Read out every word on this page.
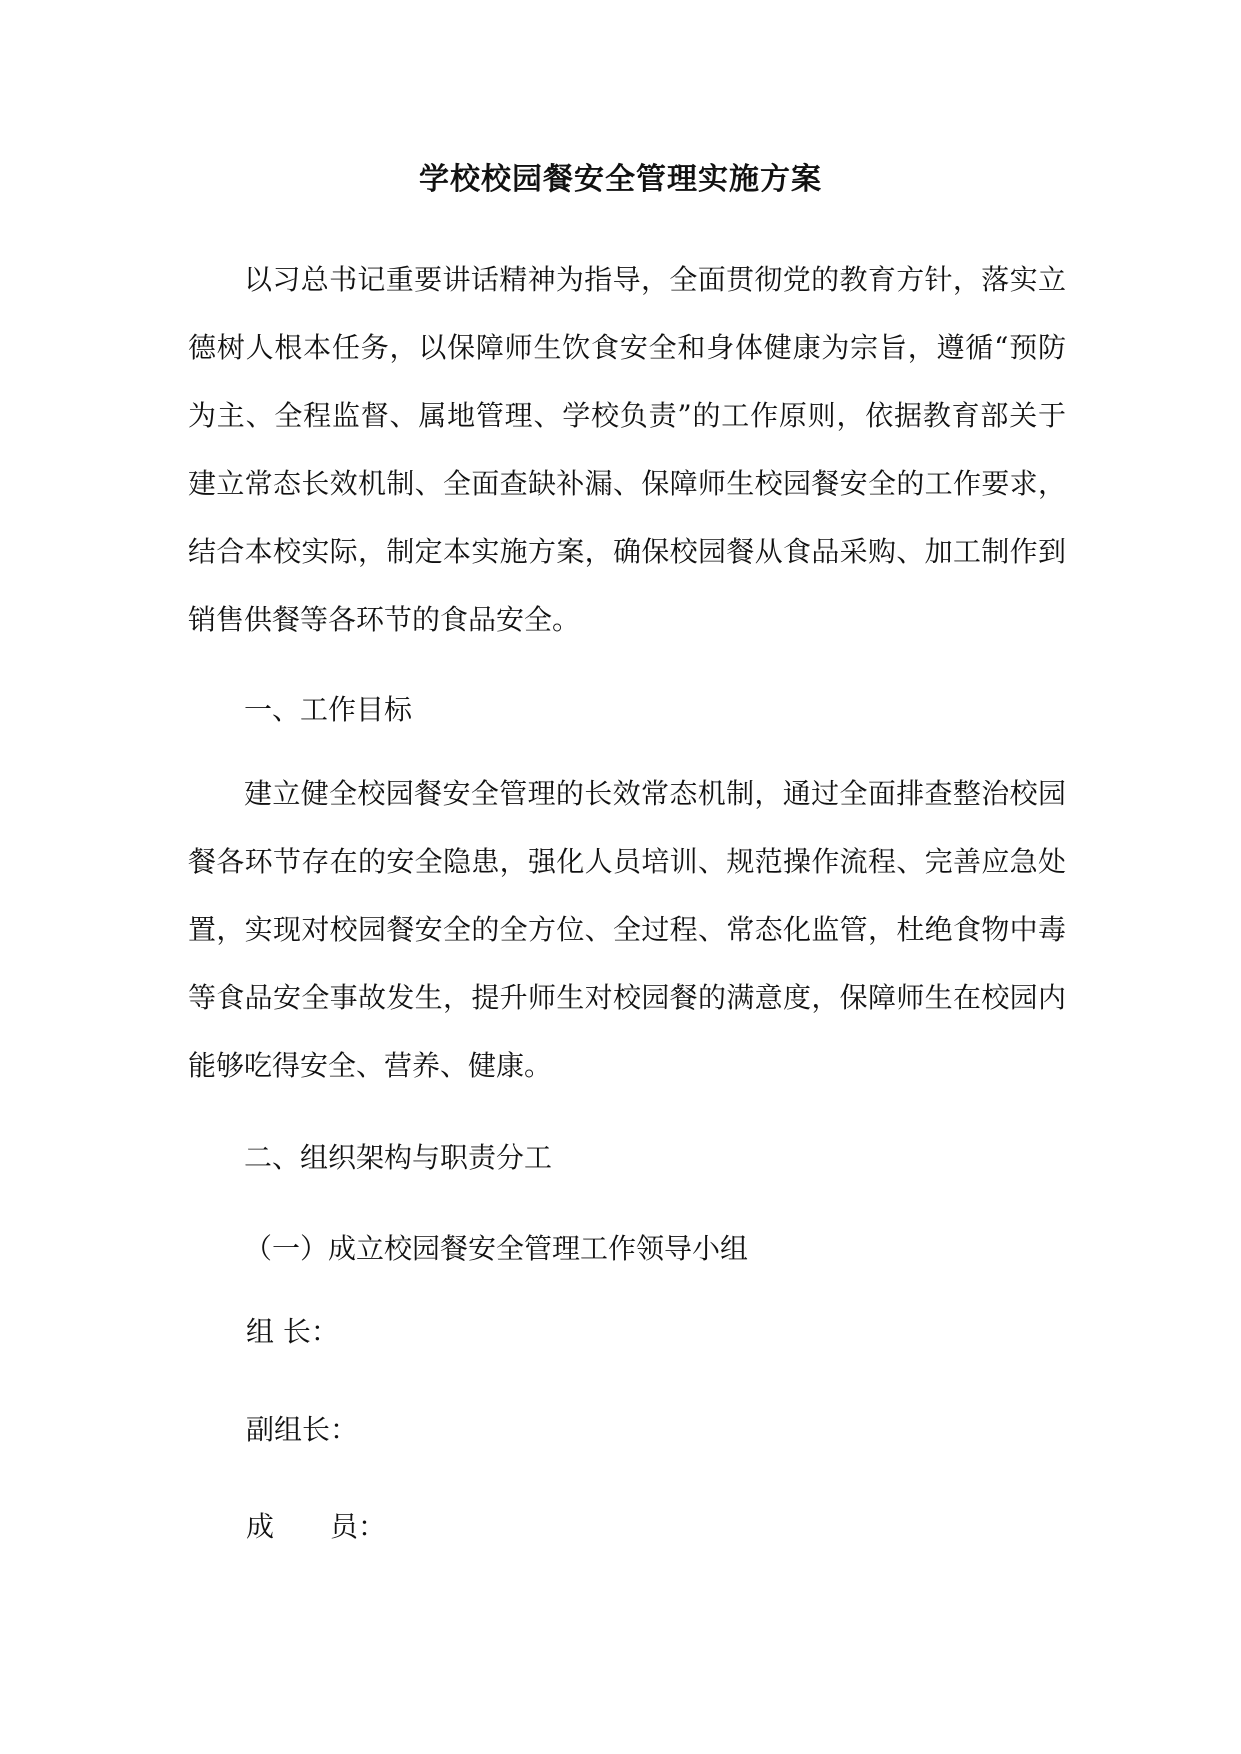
学校校园餐安全管理实施方案

以习总书记重要讲话精神为指导，全面贯彻党的教育方针，落实立德树人根本任务，以保障师生饮食安全和身体健康为宗旨，遵循“预防为主、全程监督、属地管理、学校负责”的工作原则，依据教育部关于建立常态长效机制、全面查缺补漏、保障师生校园餐安全的工作要求，结合本校实际，制定本实施方案，确保校园餐从食品采购、加工制作到销售供餐等各环节的食品安全。

一、工作目标

建立健全校园餐安全管理的长效常态机制，通过全面排查整治校园餐各环节存在的安全隐患，强化人员培训、规范操作流程、完善应急处置，实现对校园餐安全的全方位、全过程、常态化监管，杜绝食物中毒等食品安全事故发生，提升师生对校园餐的满意度，保障师生在校园内能够吃得安全、营养、健康。

二、组织架构与职责分工

（一）成立校园餐安全管理工作领导小组

组 长：
副组长：
成　　员：
